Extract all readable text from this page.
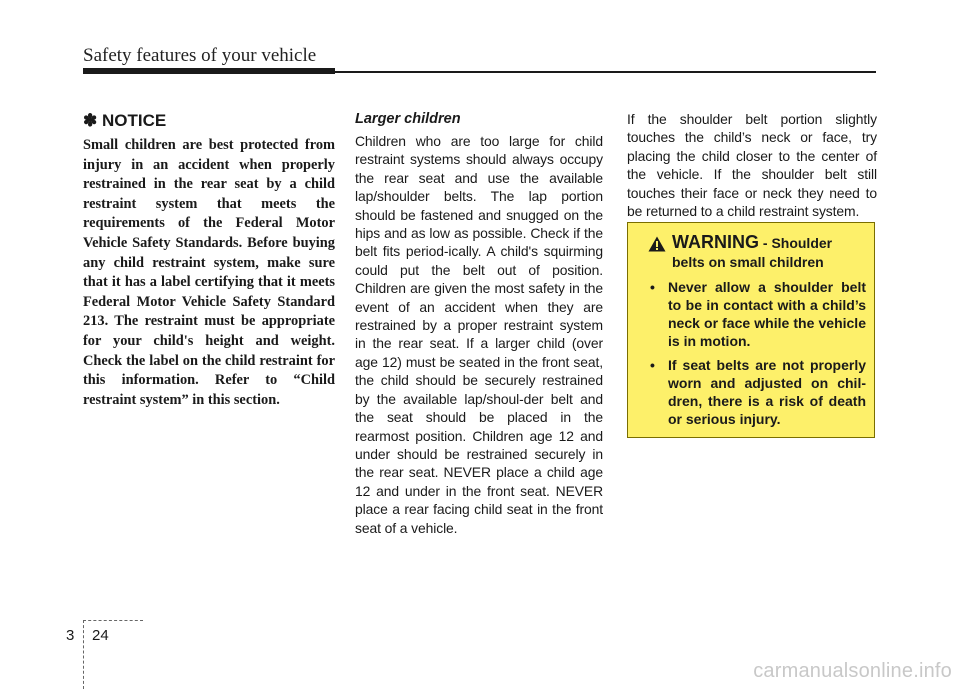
Safety features of your vehicle

✽ NOTICE

Small children are best protected from injury in an accident when properly restrained in the rear seat by a child restraint system that meets the requirements of the Federal Motor Vehicle Safety Standards. Before buying any child restraint system, make sure that it has a label certifying that it meets Federal Motor Vehicle Safety Standard 213. The restraint must be appropriate for your child's height and weight. Check the label on the child restraint for this information. Refer to “Child restraint system” in this section.

Larger children

Children who are too large for child restraint systems should always occupy the rear seat and use the available lap/shoulder belts. The lap portion should be fastened and snugged on the hips and as low as possible. Check if the belt fits period-ically. A child's squirming could put the belt out of position. Children are given the most safety in the event of an accident when they are restrained by a proper restraint system in the rear seat. If a larger child (over age 12) must be seated in the front seat, the child should be securely restrained by the available lap/shoul-der belt and the seat should be placed in the rearmost position. Children age 12 and under should be restrained securely in the rear seat. NEVER place a child age 12 and under in the front seat. NEVER place a rear facing child seat in the front seat of a vehicle.

If the shoulder belt portion slightly touches the child’s neck or face, try placing the child closer to the center of the vehicle. If the shoulder belt still touches their face or neck they need to be returned to a child restraint system.

WARNING - Shoulder belts on small children
• Never allow a shoulder belt to be in contact with a child’s neck or face while the vehicle is in motion.
• If seat belts are not properly worn and adjusted on chil-dren, there is a risk of death or serious injury.
3 24
carmanualsonline.info
